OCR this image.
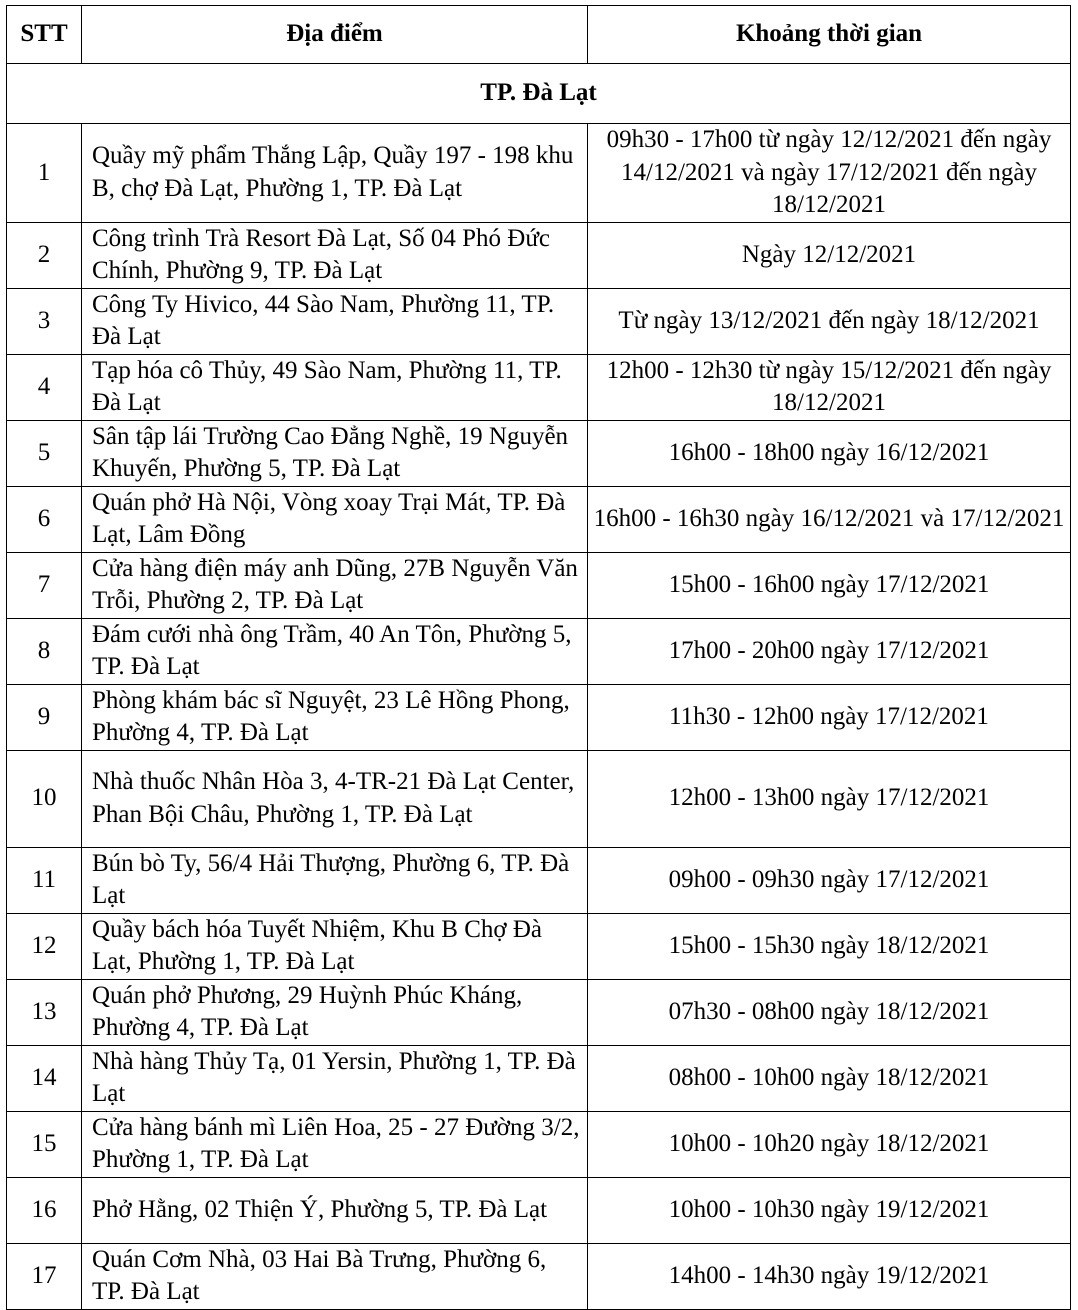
STT	Địa điểm	Khoảng thời gian
TP. Đà Lạt		
1	Quầy mỹ phẩm Thắng Lập, Quầy 197 - 198 khu B, chợ Đà Lạt, Phường 1, TP. Đà Lạt	09h30 - 17h00 từ ngày 12/12/2021 đến ngày 14/12/2021 và ngày 17/12/2021 đến ngày 18/12/2021
2	Công trình Trà Resort Đà Lạt, Số 04 Phó Đức Chính, Phường 9, TP. Đà Lạt	Ngày 12/12/2021
3	Công Ty Hivico, 44 Sào Nam, Phường 11, TP. Đà Lạt	Từ ngày 13/12/2021 đến ngày 18/12/2021
4	Tạp hóa cô Thủy, 49 Sào Nam, Phường 11, TP. Đà Lạt	12h00 - 12h30 từ ngày 15/12/2021 đến ngày 18/12/2021
5	Sân tập lái Trường Cao Đẳng Nghề, 19 Nguyễn Khuyến, Phường 5, TP. Đà Lạt	16h00 - 18h00 ngày 16/12/2021
6	Quán phở Hà Nội, Vòng xoay Trại Mát, TP. Đà Lạt, Lâm Đồng	16h00 - 16h30 ngày 16/12/2021 và 17/12/2021
7	Cửa hàng điện máy anh Dũng, 27B Nguyễn Văn Trỗi, Phường 2, TP. Đà Lạt	15h00 - 16h00 ngày 17/12/2021
8	Đám cưới nhà ông Trầm, 40 An Tôn, Phường 5, TP. Đà Lạt	17h00 - 20h00 ngày 17/12/2021
9	Phòng khám bác sĩ Nguyệt, 23 Lê Hồng Phong, Phường 4, TP. Đà Lạt	11h30 - 12h00 ngày 17/12/2021
10	Nhà thuốc Nhân Hòa 3, 4-TR-21 Đà Lạt Center, Phan Bội Châu, Phường 1, TP. Đà Lạt	12h00 - 13h00 ngày 17/12/2021
11	Bún bò Ty, 56/4 Hải Thượng, Phường 6, TP. Đà Lạt	09h00 - 09h30 ngày 17/12/2021
12	Quầy bách hóa Tuyết Nhiệm, Khu B Chợ Đà Lạt, Phường 1, TP. Đà Lạt	15h00 - 15h30 ngày 18/12/2021
13	Quán phở Phương, 29 Huỳnh Phúc Kháng, Phường 4, TP. Đà Lạt	07h30 - 08h00 ngày 18/12/2021
14	Nhà hàng Thủy Tạ, 01 Yersin, Phường 1, TP. Đà Lạt	08h00 - 10h00 ngày 18/12/2021
15	Cửa hàng bánh mì Liên Hoa, 25 - 27 Đường 3/2, Phường 1, TP. Đà Lạt	10h00 - 10h20 ngày 18/12/2021
16	Phở Hằng, 02 Thiện Ý, Phường 5, TP. Đà Lạt	10h00 - 10h30 ngày 19/12/2021
17	Quán Cơm Nhà, 03 Hai Bà Trưng, Phường 6, TP. Đà Lạt	14h00 - 14h30 ngày 19/12/2021
